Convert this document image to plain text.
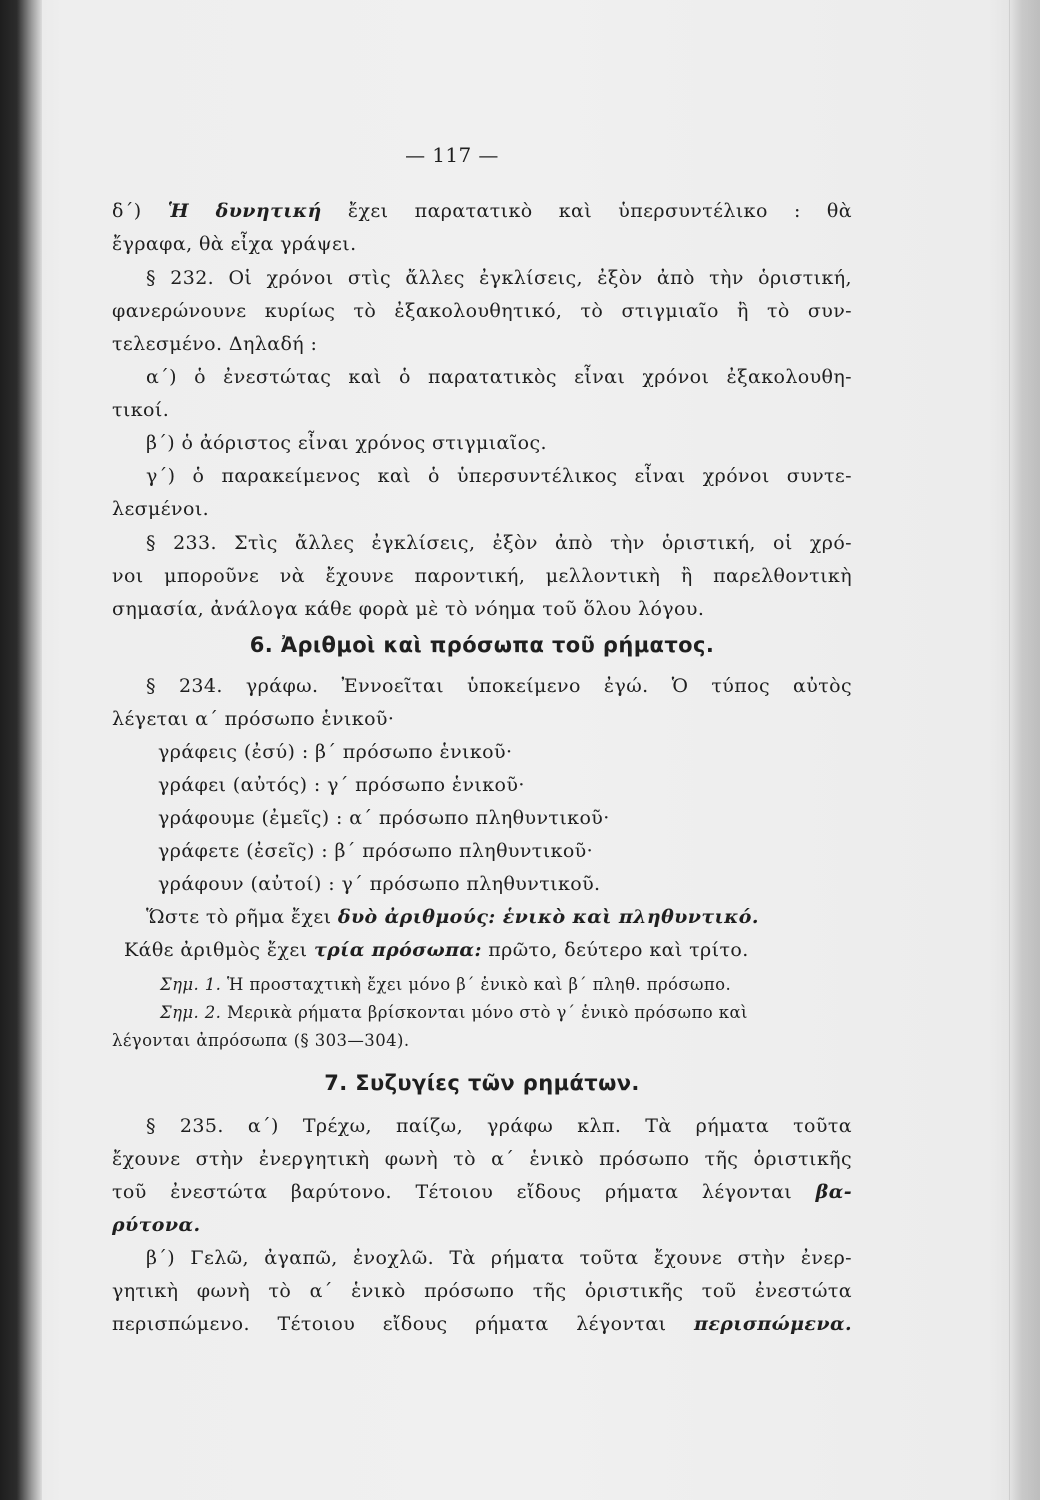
— 117 —
δ΄) Ἡ δυνητική ἔχει παρατατικὸ καὶ ὑπερσυντέλικο : θὰ
ἔγραφα, θὰ εἶχα γράψει.
§ 232. Οἱ χρόνοι στὶς ἄλλες ἐγκλίσεις, ἐξὸν ἀπὸ τὴν ὁριστική,
φανερώνουνε κυρίως τὸ ἐξακολουθητικό, τὸ στιγμιαῖο ἢ τὸ συν-
τελεσμένο. Δηλαδή :
α΄) ὁ ἐνεστώτας καὶ ὁ παρατατικὸς εἶναι χρόνοι ἐξακολουθη-
τικοί.
β΄) ὁ ἀόριστος εἶναι χρόνος στιγμιαῖος.
γ΄) ὁ παρακείμενος καὶ ὁ ὑπερσυντέλικος εἶναι χρόνοι συντε-
λεσμένοι.
§ 233. Στὶς ἄλλες ἐγκλίσεις, ἐξὸν ἀπὸ τὴν ὁριστική, οἱ χρό-
νοι μποροῦνε νὰ ἔχουνε παροντική, μελλοντικὴ ἢ παρελθοντικὴ
σημασία, ἀνάλογα κάθε φορὰ μὲ τὸ νόημα τοῦ ὅλου λόγου.
6. Ἀριθμοὶ καὶ πρόσωπα τοῦ ρήματος.
§ 234. γράφω. Ἐννοεῖται ὑποκείμενο ἐγώ. Ὁ τύπος αὐτὸς
λέγεται α΄ πρόσωπο ἑνικοῦ·
γράφεις (ἐσύ) : β΄ πρόσωπο ἑνικοῦ·
γράφει (αὐτός) : γ΄ πρόσωπο ἑνικοῦ·
γράφουμε (ἐμεῖς) : α΄ πρόσωπο πληθυντικοῦ·
γράφετε (ἐσεῖς) : β΄ πρόσωπο πληθυντικοῦ·
γράφουν (αὐτοί) : γ΄ πρόσωπο πληθυντικοῦ.
Ὥστε τὸ ρῆμα ἔχει δυὸ ἀριθμούς: ἑνικὸ καὶ πληθυντικό.
Κάθε ἀριθμὸς ἔχει τρία πρόσωπα: πρῶτο, δεύτερο καὶ τρίτο.
Σημ. 1. Ἡ προσταχτικὴ ἔχει μόνο β΄ ἑνικὸ καὶ β΄ πληθ. πρόσωπο.
Σημ. 2. Μερικὰ ρήματα βρίσκονται μόνο στὸ γ΄ ἑνικὸ πρόσωπο καὶ
λέγονται ἀπρόσωπα (§ 303—304).
7. Συζυγίες τῶν ρημάτων.
§ 235. α΄) Τρέχω, παίζω, γράφω κλπ. Τὰ ρήματα τοῦτα
ἔχουνε στὴν ἐνεργητικὴ φωνὴ τὸ α΄ ἑνικὸ πρόσωπο τῆς ὁριστικῆς
τοῦ ἐνεστώτα βαρύτονο. Τέτοιου εἴδους ρήματα λέγονται βα-
ρύτονα.
β΄) Γελῶ, ἀγαπῶ, ἐνοχλῶ. Τὰ ρήματα τοῦτα ἔχουνε στὴν ἐνερ-
γητικὴ φωνὴ τὸ α΄ ἑνικὸ πρόσωπο τῆς ὁριστικῆς τοῦ ἐνεστώτα
περισπώμενο. Τέτοιου εἴδους ρήματα λέγονται περισπώμενα.
